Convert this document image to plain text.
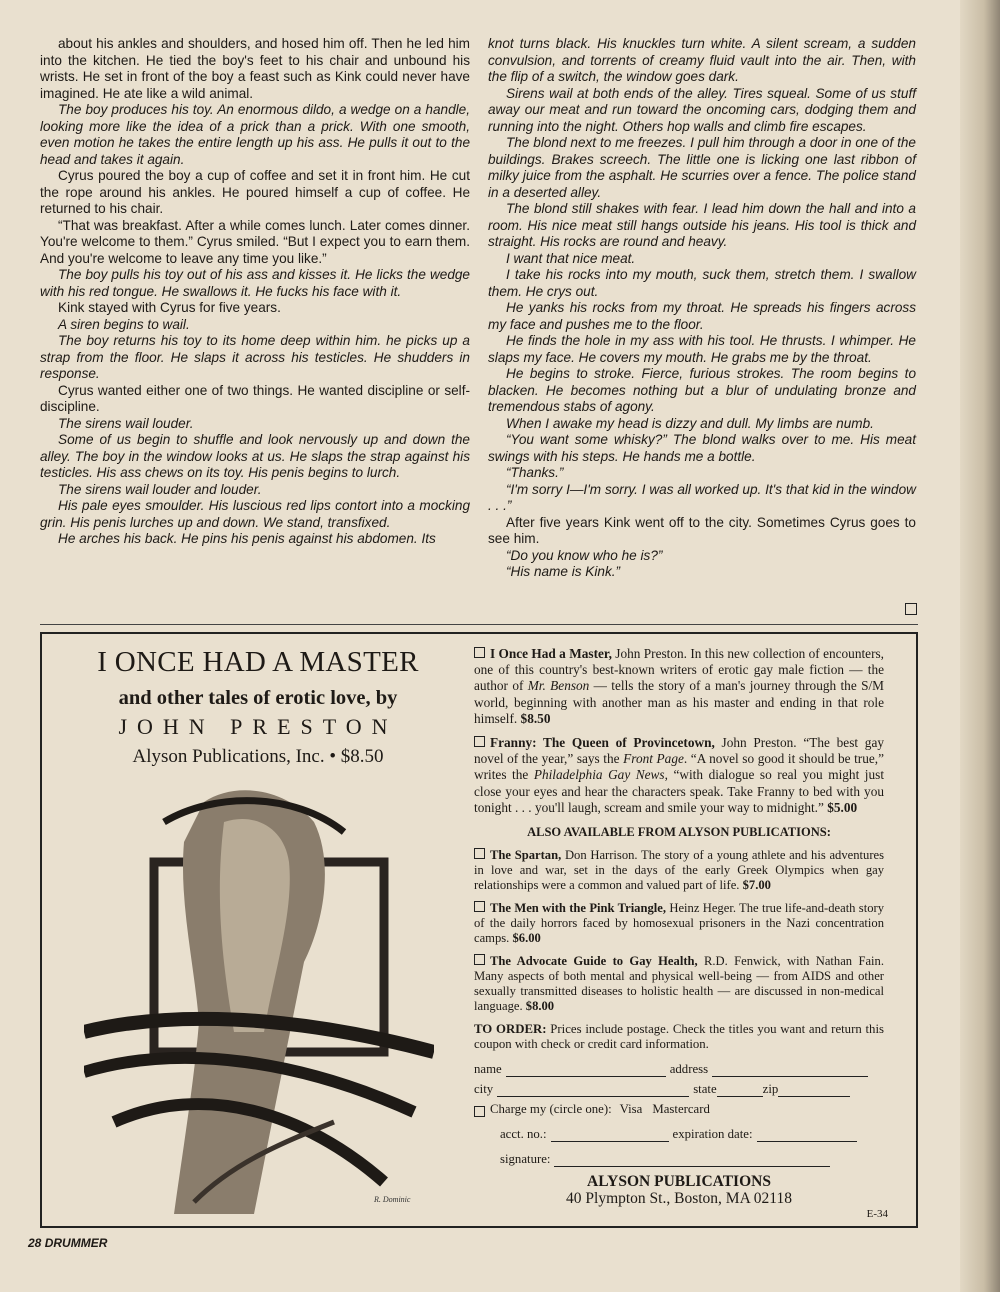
about his ankles and shoulders, and hosed him off. Then he led him into the kitchen. He tied the boy's feet to his chair and unbound his wrists. He set in front of the boy a feast such as Kink could never have imagined. He ate like a wild animal.

The boy produces his toy. An enormous dildo, a wedge on a handle, looking more like the idea of a prick than a prick. With one smooth, even motion he takes the entire length up his ass. He pulls it out to the head and takes it again.

Cyrus poured the boy a cup of coffee and set it in front him. He cut the rope around his ankles. He poured himself a cup of coffee. He returned to his chair.

“That was breakfast. After a while comes lunch. Later comes dinner. You're welcome to them.” Cyrus smiled. “But I expect you to earn them. And you're welcome to leave any time you like.”

The boy pulls his toy out of his ass and kisses it. He licks the wedge with his red tongue. He swallows it. He fucks his face with it.

Kink stayed with Cyrus for five years.

A siren begins to wail.

The boy returns his toy to its home deep within him. he picks up a strap from the floor. He slaps it across his testicles. He shudders in response.

Cyrus wanted either one of two things. He wanted discipline or self-discipline.

The sirens wail louder.

Some of us begin to shuffle and look nervously up and down the alley. The boy in the window looks at us. He slaps the strap against his testicles. His ass chews on its toy. His penis begins to lurch.

The sirens wail louder and louder.

His pale eyes smoulder. His luscious red lips contort into a mocking grin. His penis lurches up and down. We stand, transfixed.

He arches his back. He pins his penis against his abdomen. Its

knot turns black. His knuckles turn white. A silent scream, a sudden convulsion, and torrents of creamy fluid vault into the air. Then, with the flip of a switch, the window goes dark.

Sirens wail at both ends of the alley. Tires squeal. Some of us stuff away our meat and run toward the oncoming cars, dodging them and running into the night. Others hop walls and climb fire escapes.

The blond next to me freezes. I pull him through a door in one of the buildings. Brakes screech. The little one is licking one last ribbon of milky juice from the asphalt. He scurries over a fence. The police stand in a deserted alley.

The blond still shakes with fear. I lead him down the hall and into a room. His nice meat still hangs outside his jeans. His tool is thick and straight. His rocks are round and heavy.

I want that nice meat.

I take his rocks into my mouth, suck them, stretch them. I swallow them. He crys out.

He yanks his rocks from my throat. He spreads his fingers across my face and pushes me to the floor.

He finds the hole in my ass with his tool. He thrusts. I whimper. He slaps my face. He covers my mouth. He grabs me by the throat.

He begins to stroke. Fierce, furious strokes. The room begins to blacken. He becomes nothing but a blur of undulating bronze and tremendous stabs of agony.

When I awake my head is dizzy and dull. My limbs are numb.

“You want some whisky?” The blond walks over to me. His meat swings with his steps. He hands me a bottle.

“Thanks.”

“I'm sorry I—I'm sorry. I was all worked up. It's that kid in the window . . .”

After five years Kink went off to the city. Sometimes Cyrus goes to see him.

“Do you know who he is?”

“His name is Kink.”

I ONCE HAD A MASTER
and other tales of erotic love, by
JOHN PRESTON
Alyson Publications, Inc. • $8.50
R. Dominic

I Once Had a Master, John Preston. In this new collection of encounters, one of this country's best-known writers of erotic gay male fiction — the author of Mr. Benson — tells the story of a man's journey through the S/M world, beginning with another man as his master and ending in that role himself. $8.50

Franny: The Queen of Provincetown, John Preston. “The best gay novel of the year,” says the Front Page. “A novel so good it should be true,” writes the Philadelphia Gay News, “with dialogue so real you might just close your eyes and hear the characters speak. Take Franny to bed with you tonight . . . you'll laugh, scream and smile your way to midnight.” $5.00

ALSO AVAILABLE FROM ALYSON PUBLICATIONS:

The Spartan, Don Harrison. The story of a young athlete and his adventures in love and war, set in the days of the early Greek Olympics when gay relationships were a common and valued part of life. $7.00

The Men with the Pink Triangle, Heinz Heger. The true life-and-death story of the daily horrors faced by homosexual prisoners in the Nazi concentration camps. $6.00

The Advocate Guide to Gay Health, R.D. Fenwick, with Nathan Fain. Many aspects of both mental and physical well-being — from AIDS and other sexually transmitted diseases to holistic health — are discussed in non-medical language. $8.00

TO ORDER: Prices include postage. Check the titles you want and return this coupon with check or credit card information.

name	address
city	state	zip
Charge my (circle one): Visa Mastercard
acct. no.:	expiration date:
signature:
ALYSON PUBLICATIONS
40 Plympton St., Boston, MA 02118
E-34
28 DRUMMER
